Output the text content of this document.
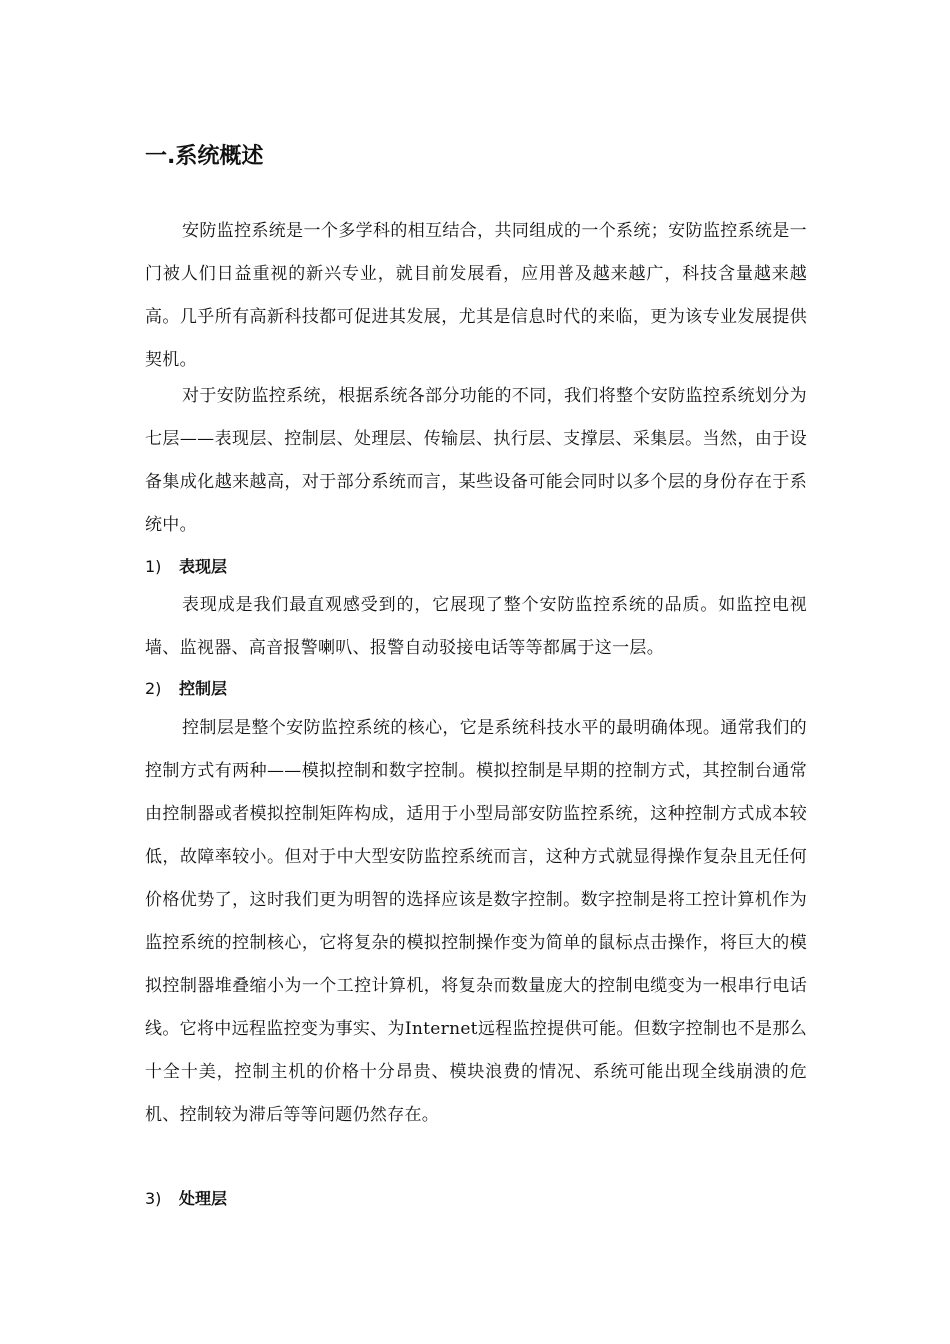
一.系统概述

安防监控系统是一个多学科的相互结合，共同组成的一个系统；安防监控系统是一门被人们日益重视的新兴专业，就目前发展看，应用普及越来越广，科技含量越来越高。几乎所有高新科技都可促进其发展，尤其是信息时代的来临，更为该专业发展提供契机。

对于安防监控系统，根据系统各部分功能的不同，我们将整个安防监控系统划分为七层——表现层、控制层、处理层、传输层、执行层、支撑层、采集层。当然，由于设备集成化越来越高，对于部分系统而言，某些设备可能会同时以多个层的身份存在于系统中。

1) 表现层

表现成是我们最直观感受到的，它展现了整个安防监控系统的品质。如监控电视墙、监视器、高音报警喇叭、报警自动驳接电话等等都属于这一层。

2) 控制层

控制层是整个安防监控系统的核心，它是系统科技水平的最明确体现。通常我们的控制方式有两种——模拟控制和数字控制。模拟控制是早期的控制方式，其控制台通常由控制器或者模拟控制矩阵构成，适用于小型局部安防监控系统，这种控制方式成本较低，故障率较小。但对于中大型安防监控系统而言，这种方式就显得操作复杂且无任何价格优势了，这时我们更为明智的选择应该是数字控制。数字控制是将工控计算机作为监控系统的控制核心，它将复杂的模拟控制操作变为简单的鼠标点击操作，将巨大的模拟控制器堆叠缩小为一个工控计算机，将复杂而数量庞大的控制电缆变为一根串行电话线。它将中远程监控变为事实、为Internet远程监控提供可能。但数字控制也不是那么十全十美，控制主机的价格十分昂贵、模块浪费的情况、系统可能出现全线崩溃的危机、控制较为滞后等等问题仍然存在。

3) 处理层
